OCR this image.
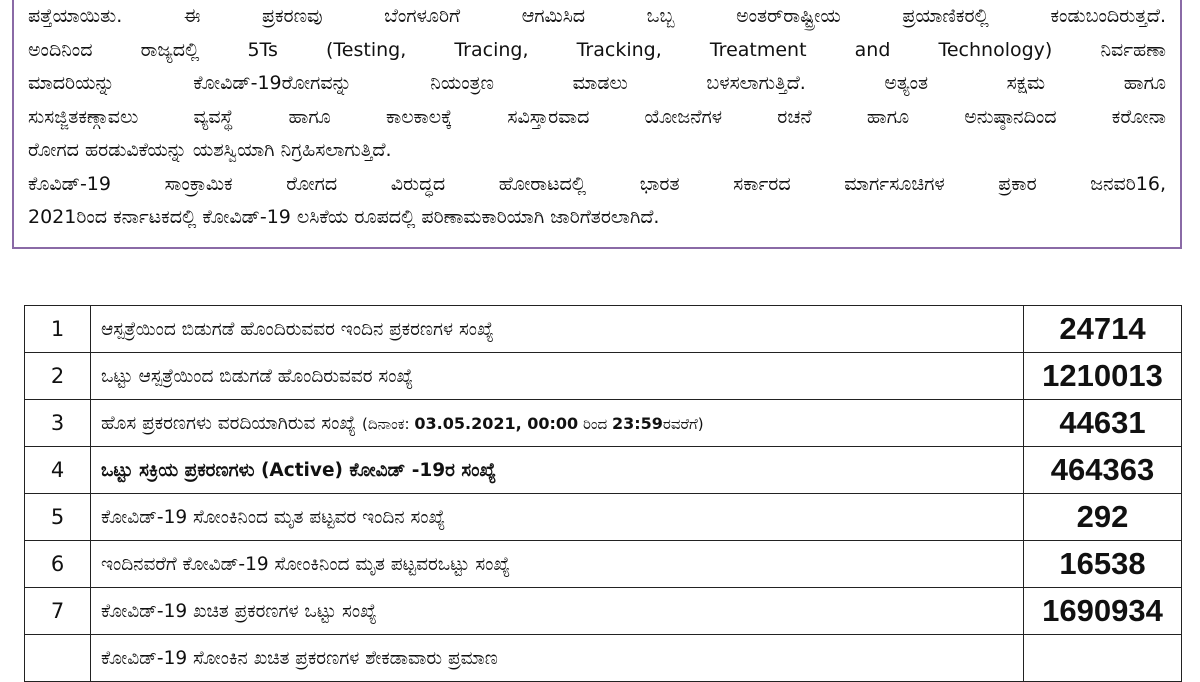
ಪತ್ತೆಯಾಯಿತು. ಈ ಪ್ರಕರಣವು ಬೆಂಗಳೂರಿಗೆ ಆಗಮಿಸಿದ ಒಬ್ಬ ಅಂತರ್‌ರಾಷ್ಟ್ರೀಯ ಪ್ರಯಾಣಿಕರಲ್ಲಿ ಕಂಡುಬಂದಿರುತ್ತದೆ.
ಅಂದಿನಿಂದ ರಾಜ್ಯದಲ್ಲಿ 5Ts (Testing, Tracing, Tracking, Treatment and Technology) ನಿರ್ವಹಣಾ
ಮಾದರಿಯನ್ನು ಕೋವಿಡ್-19ರೋಗವನ್ನು ನಿಯಂತ್ರಣ ಮಾಡಲು ಬಳಸಲಾಗುತ್ತಿದೆ. ಅತ್ಯಂತ ಸಕ್ಷಮ ಹಾಗೂ
ಸುಸಜ್ಜಿತಕಣ್ಗಾವಲು ವ್ಯವಸ್ಥೆ ಹಾಗೂ ಕಾಲಕಾಲಕ್ಕೆ ಸವಿಸ್ತಾರವಾದ ಯೋಜನೆಗಳ ರಚನೆ ಹಾಗೂ ಅನುಷ್ಠಾನದಿಂದ ಕರೋನಾ
ರೋಗದ ಹರಡುವಿಕೆಯನ್ನು ಯಶಸ್ವಿಯಾಗಿ ನಿಗ್ರಹಿಸಲಾಗುತ್ತಿದೆ.
ಕೊವಿಡ್-19 ಸಾಂಕ್ರಾಮಿಕ ರೋಗದ ವಿರುದ್ಧದ ಹೋರಾಟದಲ್ಲಿ ಭಾರತ ಸರ್ಕಾರದ ಮಾರ್ಗಸೂಚಿಗಳ ಪ್ರಕಾರ ಜನವರಿ16,
2021ರಿಂದ ಕರ್ನಾಟಕದಲ್ಲಿ ಕೋವಿಡ್-19 ಲಸಿಕೆಯ ರೂಪದಲ್ಲಿ ಪರಿಣಾಮಕಾರಿಯಾಗಿ ಜಾರಿಗೆತರಲಾಗಿದೆ.
1	ಆಸ್ಪತ್ರೆಯಿಂದ ಬಿಡುಗಡೆ ಹೊಂದಿರುವವರ ಇಂದಿನ ಪ್ರಕರಣಗಳ ಸಂಖ್ಯೆ	24714
2	ಒಟ್ಟು ಆಸ್ಪತ್ರೆಯಿಂದ ಬಿಡುಗಡೆ ಹೊಂದಿರುವವರ ಸಂಖ್ಯೆ	1210013
3	ಹೊಸ ಪ್ರಕರಣಗಳು ವರದಿಯಾಗಿರುವ ಸಂಖ್ಯೆ (ದಿನಾಂಕ: 03.05.2021, 00:00 ರಿಂದ 23:59ರವರೆಗೆ)	44631
4	ಒಟ್ಟು ಸಕ್ರಿಯ ಪ್ರಕರಣಗಳು (Active) ಕೋವಿಡ್ -19ರ ಸಂಖ್ಯೆ	464363
5	ಕೋವಿಡ್-19 ಸೋಂಕಿನಿಂದ ಮೃತ ಪಟ್ಟವರ ಇಂದಿನ ಸಂಖ್ಯೆ	292
6	ಇಂದಿನವರೆಗೆ ಕೋವಿಡ್-19 ಸೋಂಕಿನಿಂದ ಮೃತ ಪಟ್ಟವರಒಟ್ಟು ಸಂಖ್ಯೆ	16538
7	ಕೋವಿಡ್-19 ಖಚಿತ ಪ್ರಕರಣಗಳ ಒಟ್ಟು ಸಂಖ್ಯೆ	1690934
	ಕೋವಿಡ್-19 ಸೋಂಕಿನ ಖಚಿತ ಪ್ರಕರಣಗಳ ಶೇಕಡಾವಾರು ಪ್ರಮಾಣ	
